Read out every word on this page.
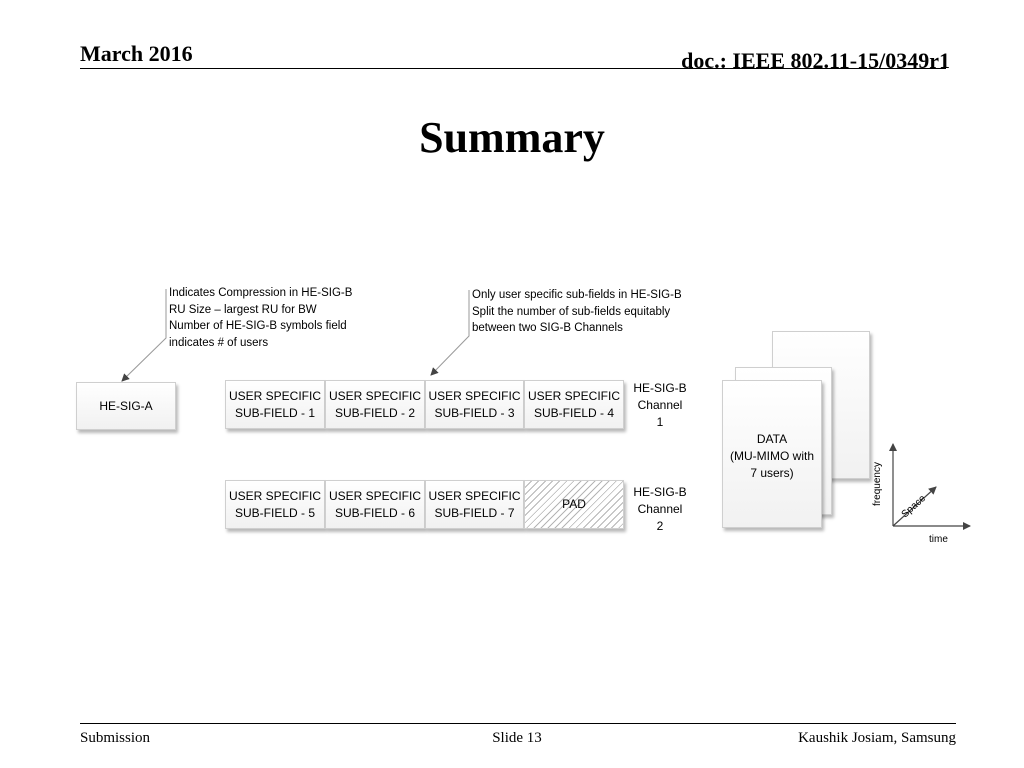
March 2016	doc.: IEEE 802.11-15/0349r1
Summary
Indicates Compression in HE-SIG-B
RU Size – largest RU for BW
Number of HE-SIG-B symbols field
indicates # of users
Only user specific sub-fields in HE-SIG-B
Split the number of sub-fields equitably
between two SIG-B Channels
HE-SIG-A
USER SPECIFIC
SUB-FIELD - 1
USER SPECIFIC
SUB-FIELD - 2
USER SPECIFIC
SUB-FIELD - 3
USER SPECIFIC
SUB-FIELD - 4
HE-SIG-B
Channel
1
USER SPECIFIC
SUB-FIELD - 5
USER SPECIFIC
SUB-FIELD - 6
USER SPECIFIC
SUB-FIELD - 7
PAD
HE-SIG-B
Channel
2
DATA
(MU-MIMO with
7 users)	frequency
Space
time
Submission	Slide 13	Kaushik Josiam, Samsung
